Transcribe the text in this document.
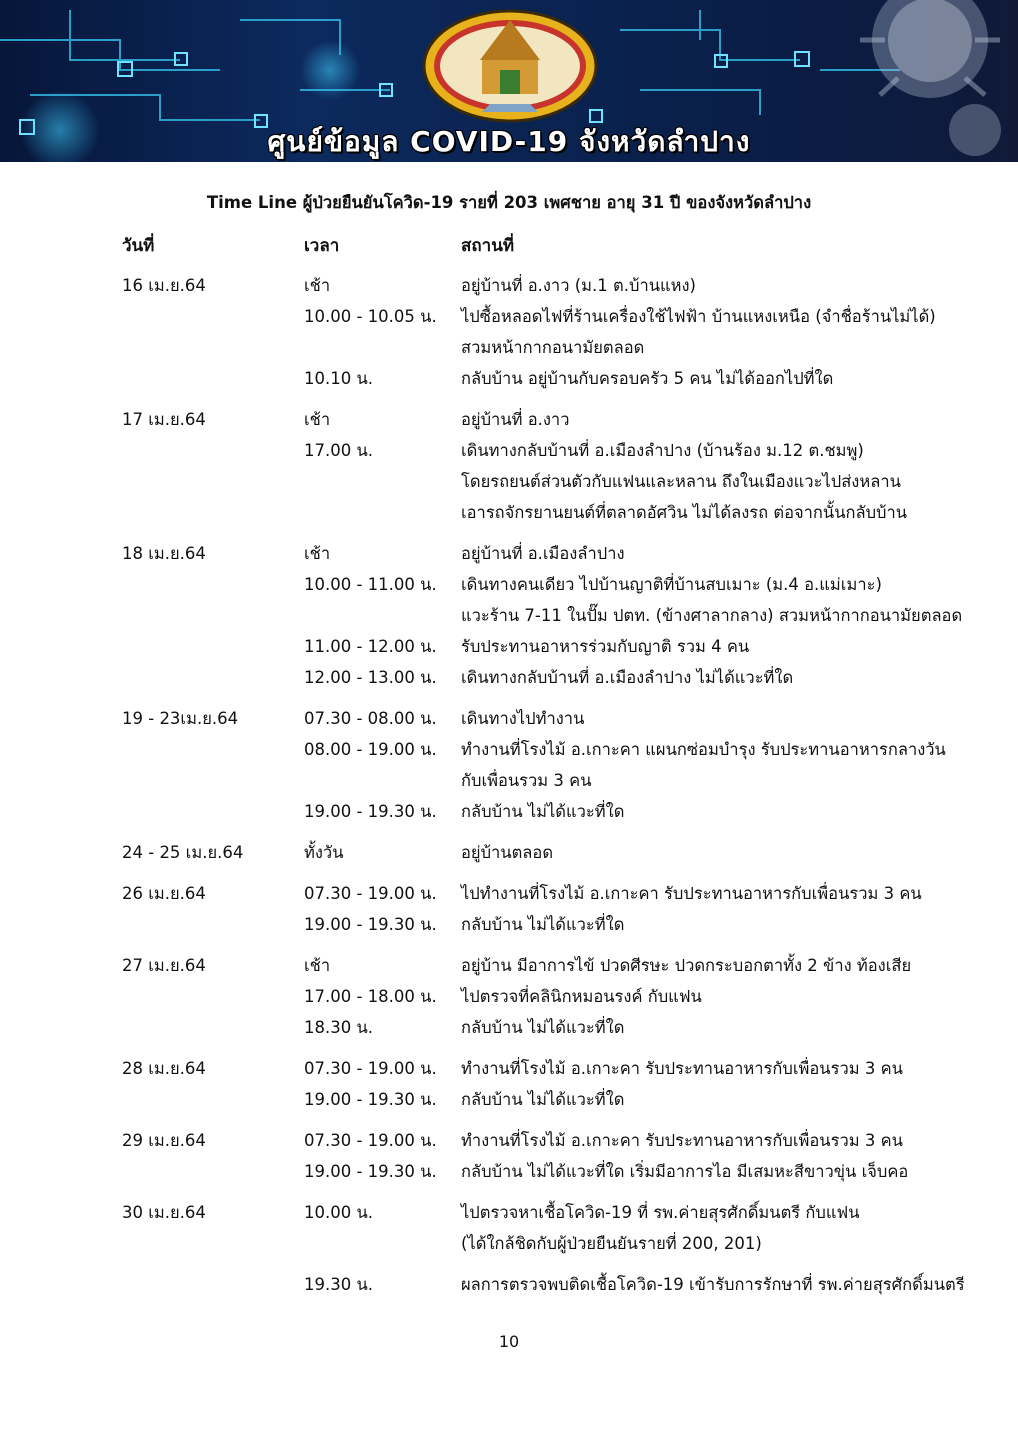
ศูนย์ข้อมูล COVID-19 จังหวัดลำปาง
Time Line ผู้ป่วยยืนยันโควิด-19 รายที่ 203 เพศชาย อายุ 31 ปี ของจังหวัดลำปาง
วันที่	เวลา	สถานที่
16 เม.ย.64	เช้า	อยู่บ้านที่ อ.งาว (ม.1 ต.บ้านแหง)
10.00 - 10.05 น. ไปซื้อหลอดไฟที่ร้านเครื่องใช้ไฟฟ้า บ้านแหงเหนือ (จำชื่อร้านไม่ได้)
สวมหน้ากากอนามัยตลอด
10.10 น.	กลับบ้าน อยู่บ้านกับครอบครัว 5 คน ไม่ได้ออกไปที่ใด
17 เม.ย.64	เช้า	อยู่บ้านที่ อ.งาว
17.00 น.	เดินทางกลับบ้านที่ อ.เมืองลำปาง (บ้านร้อง ม.12 ต.ชมพู)
โดยรถยนต์ส่วนตัวกับแฟนและหลาน ถึงในเมืองแวะไปส่งหลาน
เอารถจักรยานยนต์ที่ตลาดอัศวิน ไม่ได้ลงรถ ต่อจากนั้นกลับบ้าน
18 เม.ย.64	เช้า	อยู่บ้านที่ อ.เมืองลำปาง
10.00 - 11.00 น. เดินทางคนเดียว ไปบ้านญาติที่บ้านสบเมาะ (ม.4 อ.แม่เมาะ)
แวะร้าน 7-11 ในปั๊ม ปตท. (ข้างศาลากลาง) สวมหน้ากากอนามัยตลอด
11.00 - 12.00 น. รับประทานอาหารร่วมกับญาติ รวม 4 คน
12.00 - 13.00 น. เดินทางกลับบ้านที่ อ.เมืองลำปาง ไม่ได้แวะที่ใด
19 - 23เม.ย.64	07.30 - 08.00 น. เดินทางไปทำงาน
08.00 - 19.00 น. ทำงานที่โรงไม้ อ.เกาะคา แผนกซ่อมบำรุง รับประทานอาหารกลางวัน
กับเพื่อนรวม 3 คน
19.00 - 19.30 น. กลับบ้าน ไม่ได้แวะที่ใด
24 - 25 เม.ย.64	ทั้งวัน	อยู่บ้านตลอด
26 เม.ย.64	07.30 - 19.00 น. ไปทำงานที่โรงไม้ อ.เกาะคา รับประทานอาหารกับเพื่อนรวม 3 คน
19.00 - 19.30 น. กลับบ้าน ไม่ได้แวะที่ใด
27 เม.ย.64	เช้า	อยู่บ้าน มีอาการไข้ ปวดศีรษะ ปวดกระบอกตาทั้ง 2 ข้าง ท้องเสีย
17.00 - 18.00 น. ไปตรวจที่คลินิกหมอนรงค์ กับแฟน
18.30 น.	กลับบ้าน ไม่ได้แวะที่ใด
28 เม.ย.64	07.30 - 19.00 น. ทำงานที่โรงไม้ อ.เกาะคา รับประทานอาหารกับเพื่อนรวม 3 คน
19.00 - 19.30 น. กลับบ้าน ไม่ได้แวะที่ใด
29 เม.ย.64	07.30 - 19.00 น. ทำงานที่โรงไม้ อ.เกาะคา รับประทานอาหารกับเพื่อนรวม 3 คน
19.00 - 19.30 น. กลับบ้าน ไม่ได้แวะที่ใด เริ่มมีอาการไอ มีเสมหะสีขาวขุ่น เจ็บคอ
30 เม.ย.64	10.00 น.	ไปตรวจหาเชื้อโควิด-19 ที่ รพ.ค่ายสุรศักดิ์มนตรี กับแฟน
(ได้ใกล้ชิดกับผู้ป่วยยืนยันรายที่ 200, 201)
19.30 น.	ผลการตรวจพบติดเชื้อโควิด-19 เข้ารับการรักษาที่ รพ.ค่ายสุรศักดิ์มนตรี
10
